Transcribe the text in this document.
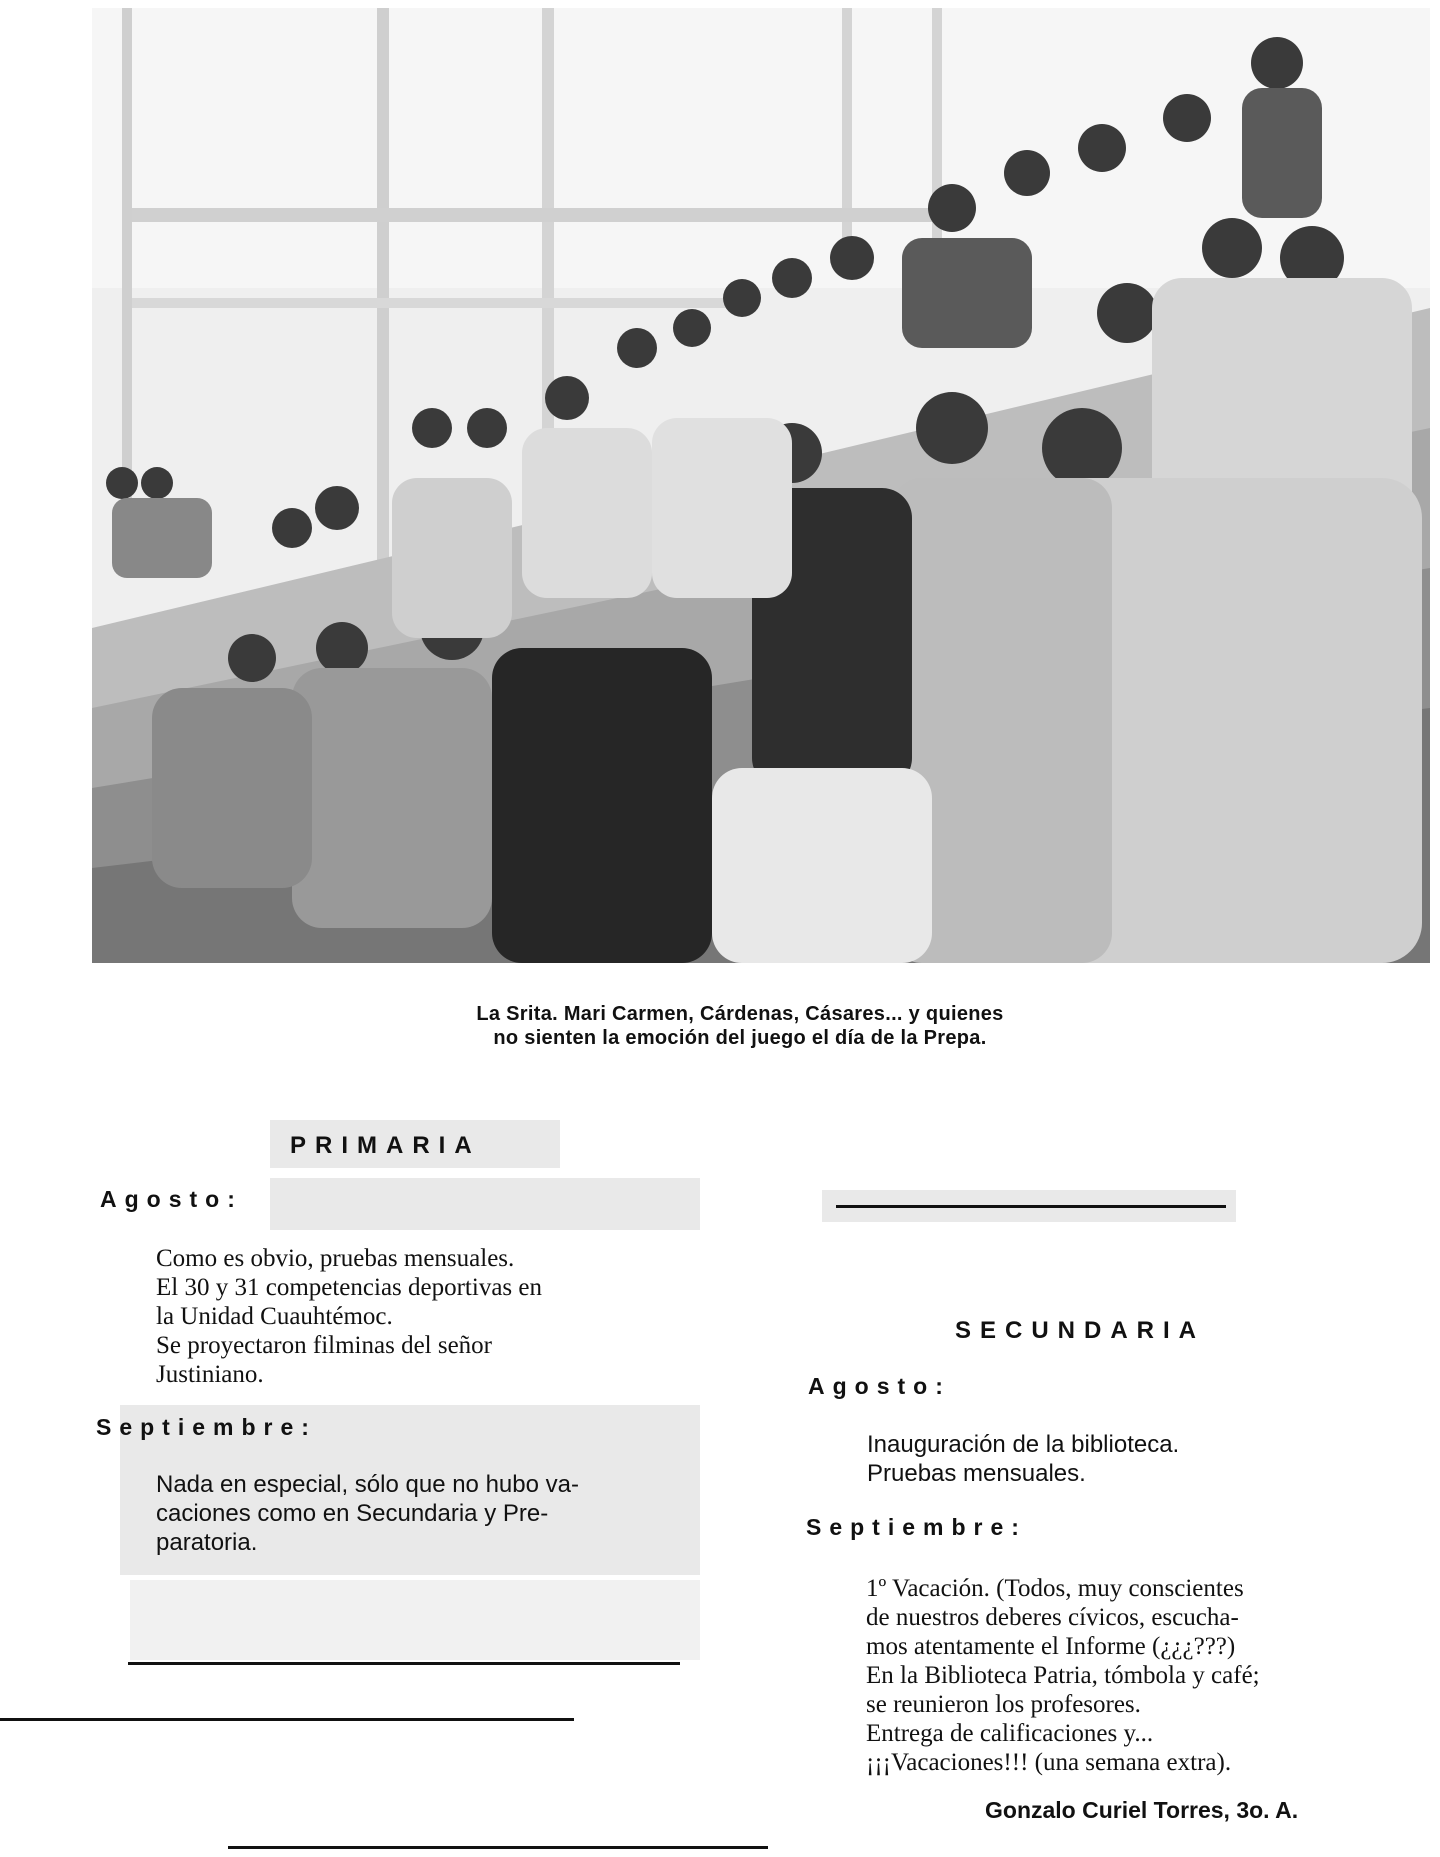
La Srita. Mari Carmen, Cárdenas, Cásares... y quienes
no sienten la emoción del juego el día de la Prepa.
PRIMARIA
Agosto:
Como es obvio, pruebas mensuales.
El 30 y 31 competencias deportivas en
la Unidad Cuauhtémoc.
Se proyectaron filminas del señor
Justiniano.
Septiembre:
Nada en especial, sólo que no hubo va-
caciones como en Secundaria y Pre-
paratoria.
SECUNDARIA
Agosto:
Inauguración de la biblioteca.
Pruebas mensuales.
Septiembre:
1º Vacación. (Todos, muy conscientes
de nuestros deberes cívicos, escucha-
mos atentamente el Informe (¿¿¿???)
En la Biblioteca Patria, tómbola y café;
se reunieron los profesores.
Entrega de calificaciones y...
¡¡¡Vacaciones!!! (una semana extra).
Gonzalo Curiel Torres, 3o. A.
